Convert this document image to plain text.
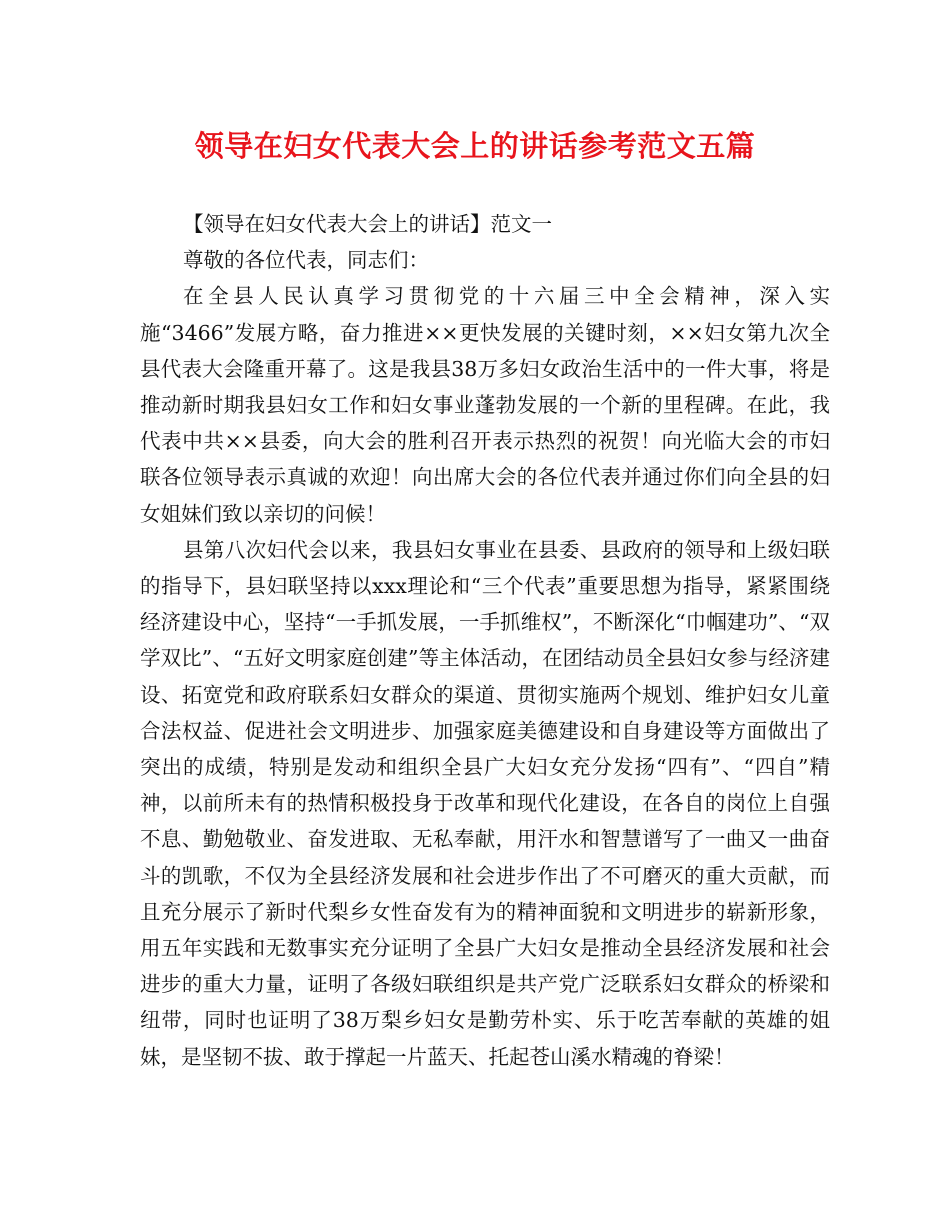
领导在妇女代表大会上的讲话参考范文五篇

【领导在妇女代表大会上的讲话】范文一

尊敬的各位代表，同志们：

在全县人民认真学习贯彻党的十六届三中全会精神，深入实施“3466”发展方略，奋力推进××更快发展的关键时刻，××妇女第九次全县代表大会隆重开幕了。这是我县38万多妇女政治生活中的一件大事，将是推动新时期我县妇女工作和妇女事业蓬勃发展的一个新的里程碑。在此，我代表中共××县委，向大会的胜利召开表示热烈的祝贺！向光临大会的市妇联各位领导表示真诚的欢迎！向出席大会的各位代表并通过你们向全县的妇女姐妹们致以亲切的问候！

县第八次妇代会以来，我县妇女事业在县委、县政府的领导和上级妇联的指导下，县妇联坚持以xxx理论和“三个代表”重要思想为指导，紧紧围绕经济建设中心，坚持“一手抓发展，一手抓维权”，不断深化“巾帼建功”、“双学双比”、“五好文明家庭创建”等主体活动，在团结动员全县妇女参与经济建设、拓宽党和政府联系妇女群众的渠道、贯彻实施两个规划、维护妇女儿童合法权益、促进社会文明进步、加强家庭美德建设和自身建设等方面做出了突出的成绩，特别是发动和组织全县广大妇女充分发扬“四有”、“四自”精神，以前所未有的热情积极投身于改革和现代化建设，在各自的岗位上自强不息、勤勉敬业、奋发进取、无私奉献，用汗水和智慧谱写了一曲又一曲奋斗的凯歌，不仅为全县经济发展和社会进步作出了不可磨灭的重大贡献，而且充分展示了新时代梨乡女性奋发有为的精神面貌和文明进步的崭新形象，用五年实践和无数事实充分证明了全县广大妇女是推动全县经济发展和社会进步的重大力量，证明了各级妇联组织是共产党广泛联系妇女群众的桥梁和纽带，同时也证明了38万梨乡妇女是勤劳朴实、乐于吃苦奉献的英雄的姐妹，是坚韧不拔、敢于撑起一片蓝天、托起苍山溪水精魂的脊梁！
